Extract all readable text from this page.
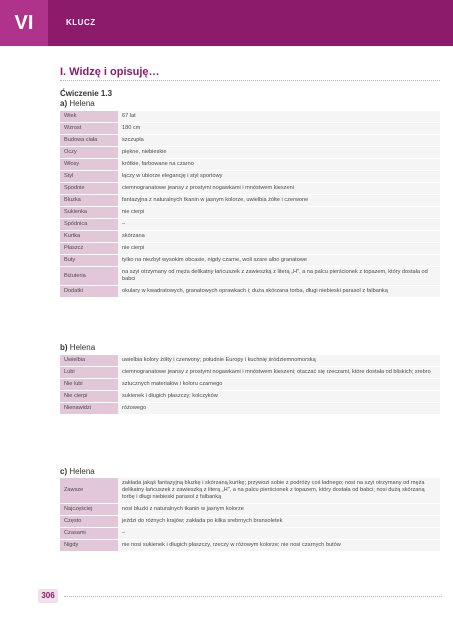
VI	KLUCZ
I. Widzę i opisuję…
Ćwiczenie 1.3
a) Helena
Wiek	67 lat
Wzrost	180 cm
Budowa ciała	szczupła
Oczy	piękne, niebieskie
Włosy	krótkie, farbowane na czarno
Styl	łączy w ubiorze elegancję i styl sportowy
Spodnie	ciemnogranatowe jeansy z prostymi nogawkami i mnóstwem kieszeni
Bluzka	fantazyjna z naturalnych tkanin w jasnym kolorze, uwielbia żółte i czerwone
Sukienka	nie cierpi
Spódnica	–
Kurtka	skórzana
Płaszcz	nie cierpi
Buty	tylko na niezbyt wysokim obcasie, nigdy czarne, woli szare albo granatowe
Biżuteria	na szyi otrzymany od męża delikatny łańcuszek z zawieszką z literą „H", a na palcu pierścionek z topazem, który dostała od babci
Dodatki	okulary w kwadratowych, granatowych oprawkach i; duża skórzana torba, długi niebieski parasol z falbanką
b) Helena
Uwielbia	uwielbia kolory żółty i czerwony; południe Europy i kuchnię śródziemnomorską
Lubi	ciemnogranatowe jeansy z prostymi nogawkami i mnóstwem kieszeni; otaczać się rzeczami, które dostała od bliskich; srebro
Nie lubi	sztucznych materiałów i koloru czarnego
Nie cierpi	sukienek i długich płaszczy; kolczyków
Nienawidzi	różowego
c) Helena
Zawsze	zakłada jakąś fantazyjną bluzkę i skórzaną kurtkę; przywozi sobie z podróży coś ładnego; nosi na szyi otrzymany od męża delikatny łańcuszek z zawieszką z literą „H", a na palcu pierścionek z topazem, który dostała od babci; nosi dużą skórzaną torbę i długi niebieski parasol z falbanką
Najczęściej	nosi bluzki z naturalnych tkanin w jasnym kolorze
Często	jeździ do różnych krajów; zakłada po kilka srebrnych bransoletek
Czasami	–
Nigdy	nie nosi sukienek i długich płaszczy, rzeczy w różowym kolorze; nie nosi czarnych butów
306
